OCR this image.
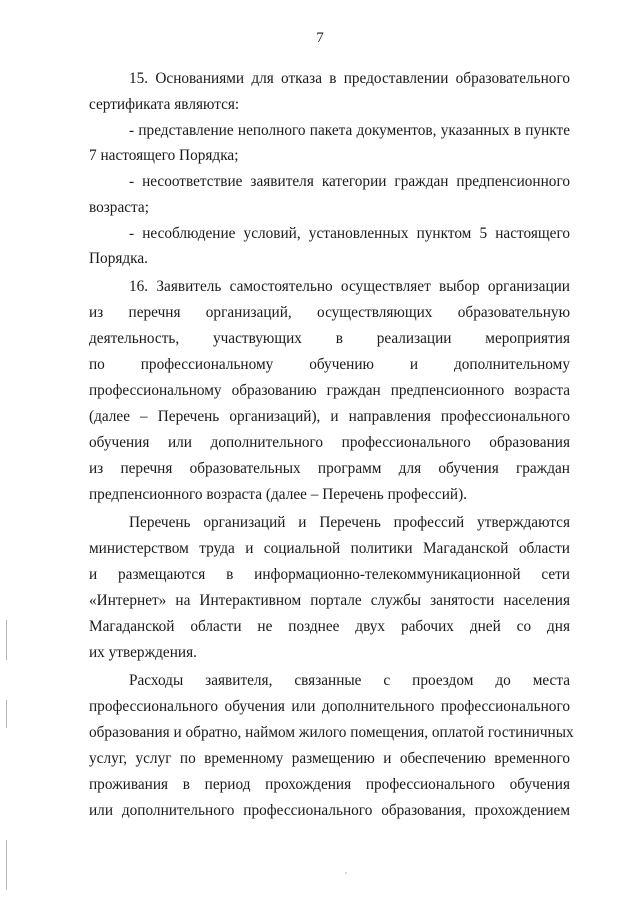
7
15. Основаниями для отказа в предоставлении образовательного
сертификата являются:
- представление неполного пакета документов, указанных в пункте
7 настоящего Порядка;
- несоответствие заявителя категории граждан предпенсионного
возраста;
- несоблюдение условий, установленных пунктом 5 настоящего
Порядка.
16. Заявитель самостоятельно осуществляет выбор организации
из перечня организаций, осуществляющих образовательную
деятельность, участвующих в реализации мероприятия
по профессиональному обучению и дополнительному
профессиональному образованию граждан предпенсионного возраста
(далее – Перечень организаций), и направления профессионального
обучения или дополнительного профессионального образования
из перечня образовательных программ для обучения граждан
предпенсионного возраста (далее – Перечень профессий).
Перечень организаций и Перечень профессий утверждаются
министерством труда и социальной политики Магаданской области
и размещаются в информационно-телекоммуникационной сети
«Интернет» на Интерактивном портале службы занятости населения
Магаданской области не позднее двух рабочих дней со дня
их утверждения.
Расходы заявителя, связанные с проездом до места
профессионального обучения или дополнительного профессионального
образования и обратно, наймом жилого помещения, оплатой гостиничных
услуг, услуг по временному размещению и обеспечению временного
проживания в период прохождения профессионального обучения
или дополнительного профессионального образования, прохождением
